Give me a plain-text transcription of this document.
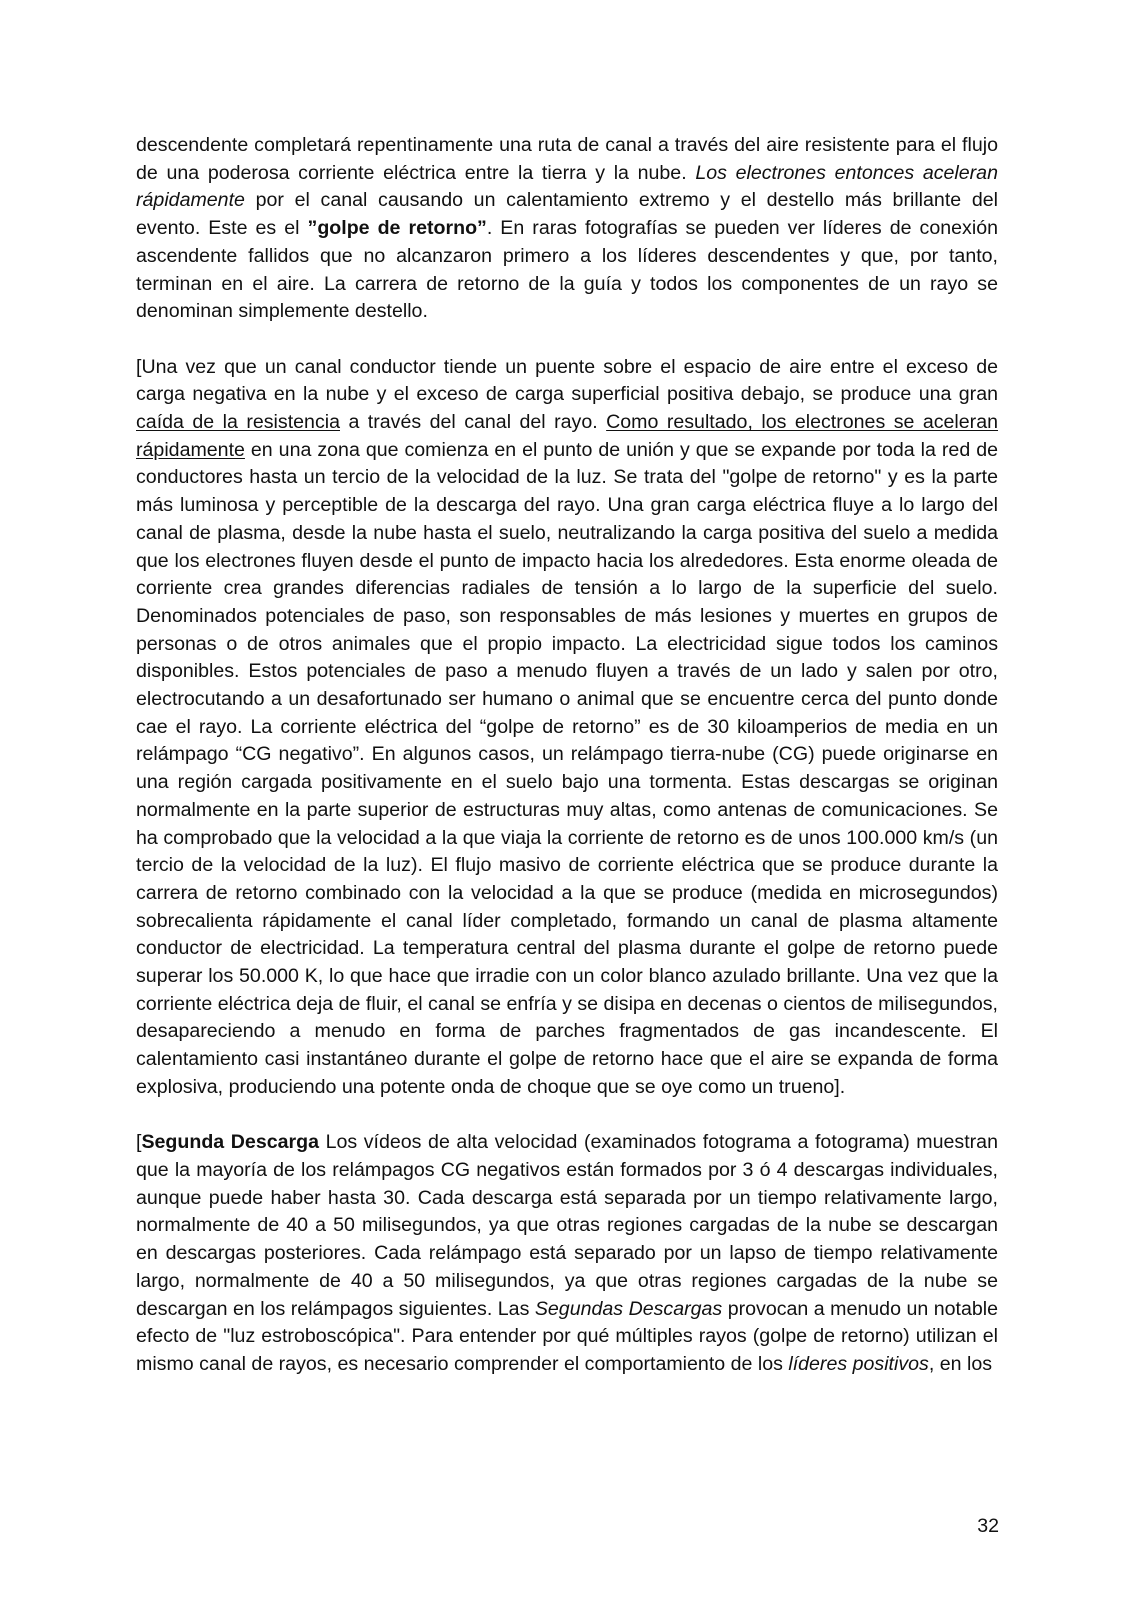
descendente completará repentinamente una ruta de canal a través del aire resistente para el flujo de una poderosa corriente eléctrica entre la tierra y la nube. Los electrones entonces aceleran rápidamente por el canal causando un calentamiento extremo y el destello más brillante del evento. Este es el ”golpe de retorno”. En raras fotografías se pueden ver líderes de conexión ascendente fallidos que no alcanzaron primero a los líderes descendentes y que, por tanto, terminan en el aire. La carrera de retorno de la guía y todos los componentes de un rayo se denominan simplemente destello.

[Una vez que un canal conductor tiende un puente sobre el espacio de aire entre el exceso de carga negativa en la nube y el exceso de carga superficial positiva debajo, se produce una gran caída de la resistencia a través del canal del rayo. Como resultado, los electrones se aceleran rápidamente en una zona que comienza en el punto de unión y que se expande por toda la red de conductores hasta un tercio de la velocidad de la luz. Se trata del "golpe de retorno" y es la parte más luminosa y perceptible de la descarga del rayo. Una gran carga eléctrica fluye a lo largo del canal de plasma, desde la nube hasta el suelo, neutralizando la carga positiva del suelo a medida que los electrones fluyen desde el punto de impacto hacia los alrededores. Esta enorme oleada de corriente crea grandes diferencias radiales de tensión a lo largo de la superficie del suelo. Denominados potenciales de paso, son responsables de más lesiones y muertes en grupos de personas o de otros animales que el propio impacto. La electricidad sigue todos los caminos disponibles. Estos potenciales de paso a menudo fluyen a través de un lado y salen por otro, electrocutando a un desafortunado ser humano o animal que se encuentre cerca del punto donde cae el rayo. La corriente eléctrica del “golpe de retorno” es de 30 kiloamperios de media en un relámpago “CG negativo”. En algunos casos, un relámpago tierra-nube (CG) puede originarse en una región cargada positivamente en el suelo bajo una tormenta. Estas descargas se originan normalmente en la parte superior de estructuras muy altas, como antenas de comunicaciones. Se ha comprobado que la velocidad a la que viaja la corriente de retorno es de unos 100.000 km/s (un tercio de la velocidad de la luz). El flujo masivo de corriente eléctrica que se produce durante la carrera de retorno combinado con la velocidad a la que se produce (medida en microsegundos) sobrecalienta rápidamente el canal líder completado, formando un canal de plasma altamente conductor de electricidad. La temperatura central del plasma durante el golpe de retorno puede superar los 50.000 K, lo que hace que irradie con un color blanco azulado brillante. Una vez que la corriente eléctrica deja de fluir, el canal se enfría y se disipa en decenas o cientos de milisegundos, desapareciendo a menudo en forma de parches fragmentados de gas incandescente. El calentamiento casi instantáneo durante el golpe de retorno hace que el aire se expanda de forma explosiva, produciendo una potente onda de choque que se oye como un trueno].

[Segunda Descarga Los vídeos de alta velocidad (examinados fotograma a fotograma) muestran que la mayoría de los relámpagos CG negativos están formados por 3 ó 4 descargas individuales, aunque puede haber hasta 30. Cada descarga está separada por un tiempo relativamente largo, normalmente de 40 a 50 milisegundos, ya que otras regiones cargadas de la nube se descargan en descargas posteriores. Cada relámpago está separado por un lapso de tiempo relativamente largo, normalmente de 40 a 50 milisegundos, ya que otras regiones cargadas de la nube se descargan en los relámpagos siguientes. Las Segundas Descargas provocan a menudo un notable efecto de "luz estroboscópica". Para entender por qué múltiples rayos (golpe de retorno) utilizan el mismo canal de rayos, es necesario comprender el comportamiento de los líderes positivos, en los

32
